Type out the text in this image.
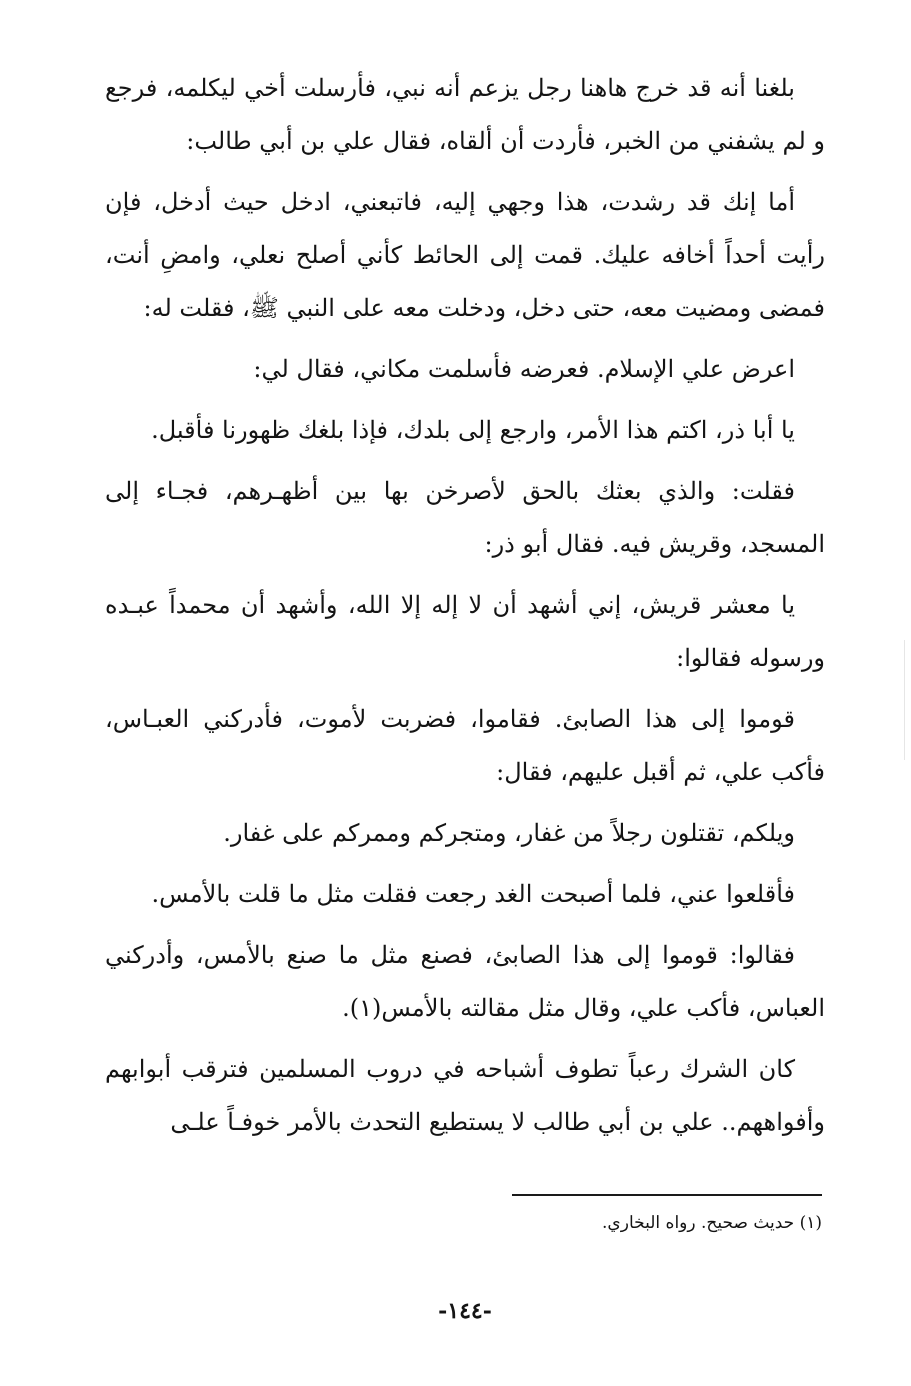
بلغنا أنه قد خرج هاهنا رجل يزعم أنه نبي، فأرسلت أخي ليكلمه، فرجع و لم يشفني من الخبر، فأردت أن ألقاه، فقال علي بن أبي طالب:

أما إنك قد رشدت، هذا وجهي إليه، فاتبعني، ادخل حيث أدخل، فإن رأيت أحداً أخافه عليك. قمت إلى الحائط كأني أصلح نعلي، وامضِ أنت، فمضى ومضيت معه، حتى دخل، ودخلت معه على النبي ﷺ، فقلت له:

اعرض علي الإسلام. فعرضه فأسلمت مكاني، فقال لي:

يا أبا ذر، اكتم هذا الأمر، وارجع إلى بلدك، فإذا بلغك ظهورنا فأقبل.

فقلت: والذي بعثك بالحق لأصرخن بها بين أظهـرهم، فجـاء إلى المسجد، وقريش فيه. فقال أبو ذر:

يا معشر قريش، إني أشهد أن لا إله إلا الله، وأشهد أن محمداً عبـده ورسوله فقالوا:

قوموا إلى هذا الصابئ. فقاموا، فضربت لأموت، فأدركني العبـاس، فأكب علي، ثم أقبل عليهم، فقال:

ويلكم، تقتلون رجلاً من غفار، ومتجركم وممركم على غفار.

فأقلعوا عني، فلما أصبحت الغد رجعت فقلت مثل ما قلت بالأمس.

فقالوا: قوموا إلى هذا الصابئ، فصنع مثل ما صنع بالأمس، وأدركني العباس، فأكب علي، وقال مثل مقالته بالأمس(١).

كان الشرك رعباً تطوف أشباحه في دروب المسلمين فترقب أبوابهم وأفواههم.. علي بن أبي طالب لا يستطيع التحدث بالأمر خوفـاً علـى

(١) حديث صحيح. رواه البخاري.
-١٤٤-
